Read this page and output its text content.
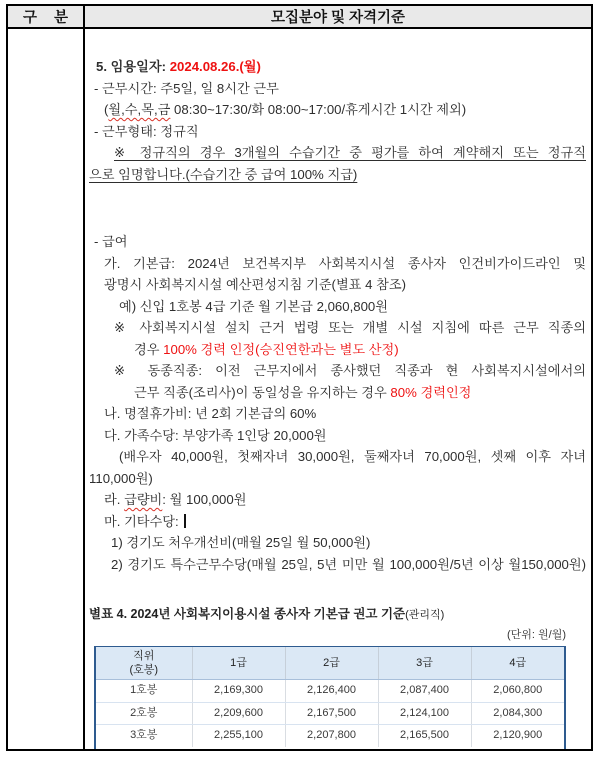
구 분	모집분야 및 자격기준
5. 임용일자: 2024.08.26.(월)
- 근무시간: 주5일, 일 8시간 근무
(월,수,목,금 08:30~17:30/화 08:00~17:00/휴게시간 1시간 제외)
- 근무형태: 정규직
※ 정규직의 경우 3개월의 수습기간 중 평가를 하여 계약해지 또는 정규직
으로 임명합니다.(수습기간 중 급여 100% 지급)
- 급여
가. 기본급: 2024년 보건복지부 사회복지시설 종사자 인건비가이드라인 및
광명시 사회복지시설 예산편성지침 기준(별표 4 참조)
예) 신입 1호봉 4급 기준 월 기본급 2,060,800원
※ 사회복지시설 설치 근거 법령 또는 개별 시설 지침에 따른 근무 직종의
경우 100% 경력 인정(승진연한과는 별도 산정)
※ 동종직종: 이전 근무지에서 종사했던 직종과 현 사회복지시설에서의
근무 직종(조리사)이 동일성을 유지하는 경우 80% 경력인정
나. 명절휴가비: 년 2회 기본급의 60%
다. 가족수당: 부양가족 1인당 20,000원
(배우자 40,000원, 첫째자녀 30,000원, 둘째자녀 70,000원, 셋째 이후 자녀
110,000원)
라. 급량비: 월 100,000원
마. 기타수당:
1) 경기도 처우개선비(매월 25일 월 50,000원)
2) 경기도 특수근무수당(매월 25일, 5년 미만 월 100,000원/5년 이상 월150,000원)
별표 4. 2024년 사회복지이용시설 종사자 기본급 권고 기준(관리직)
(단위: 원/월)
직위
(호봉)	1급	2급	3급	4급
1호봉	2,169,300	2,126,400	2,087,400	2,060,800
2호봉	2,209,600	2,167,500	2,124,100	2,084,300
3호봉	2,255,100	2,207,800	2,165,500	2,120,900
